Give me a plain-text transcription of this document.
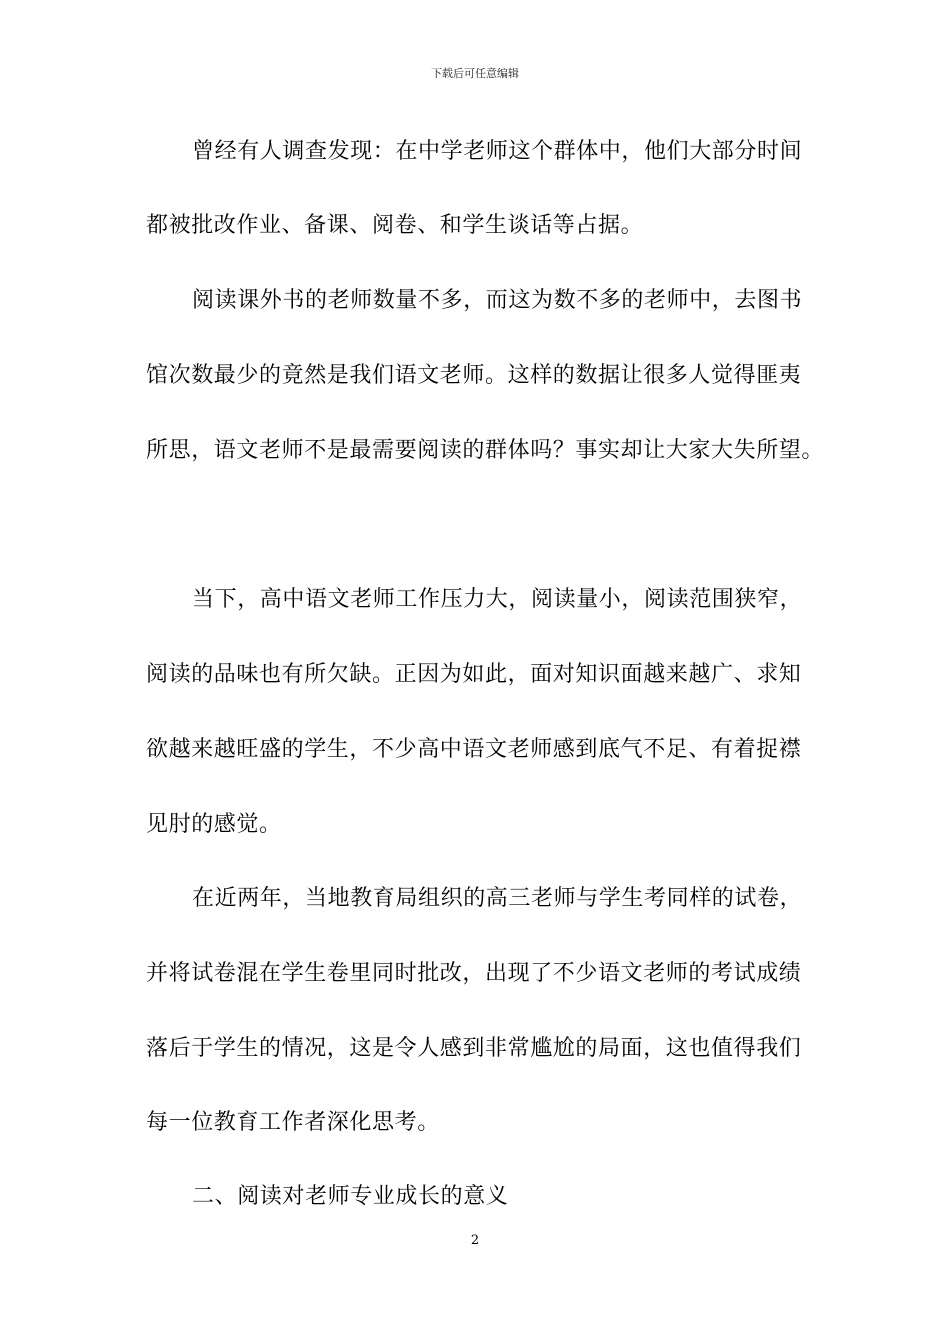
下载后可任意编辑
曾经有人调查发现：在中学老师这个群体中，他们大部分时间
都被批改作业、备课、阅卷、和学生谈话等占据。
阅读课外书的老师数量不多，而这为数不多的老师中，去图书
馆次数最少的竟然是我们语文老师。这样的数据让很多人觉得匪夷
所思，语文老师不是最需要阅读的群体吗？事实却让大家大失所望。
当下，高中语文老师工作压力大，阅读量小，阅读范围狭窄，
阅读的品味也有所欠缺。正因为如此，面对知识面越来越广、求知
欲越来越旺盛的学生，不少高中语文老师感到底气不足、有着捉襟
见肘的感觉。
在近两年，当地教育局组织的高三老师与学生考同样的试卷，
并将试卷混在学生卷里同时批改，出现了不少语文老师的考试成绩
落后于学生的情况，这是令人感到非常尴尬的局面，这也值得我们
每一位教育工作者深化思考。
二、阅读对老师专业成长的意义
2
